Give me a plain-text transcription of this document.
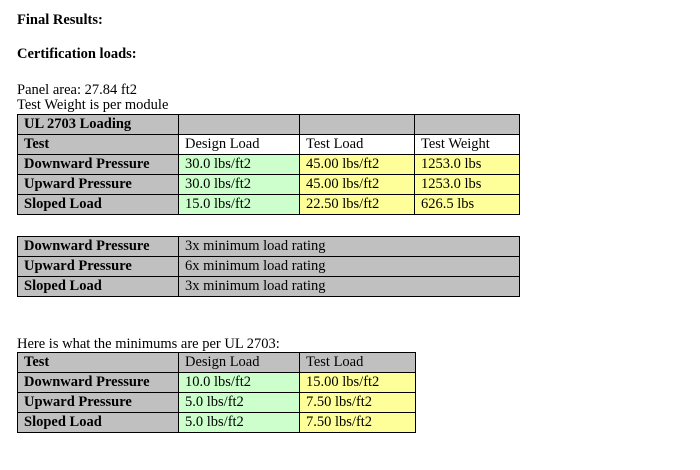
Final Results:
Certification loads:
Panel area: 27.84 ft2
Test Weight is per module
UL 2703 Loading			
Test	Design Load	Test Load	Test Weight
Downward Pressure	30.0 lbs/ft2	45.00 lbs/ft2	1253.0 lbs
Upward Pressure	30.0 lbs/ft2	45.00 lbs/ft2	1253.0 lbs
Sloped Load	15.0 lbs/ft2	22.50 lbs/ft2	626.5 lbs
Downward Pressure	3x minimum load rating
Upward Pressure	6x minimum load rating
Sloped Load	3x minimum load rating
Here is what the minimums are per UL 2703:
Test	Design Load	Test Load
Downward Pressure	10.0 lbs/ft2	15.00 lbs/ft2
Upward Pressure	5.0 lbs/ft2	7.50 lbs/ft2
Sloped Load	5.0 lbs/ft2	7.50 lbs/ft2
